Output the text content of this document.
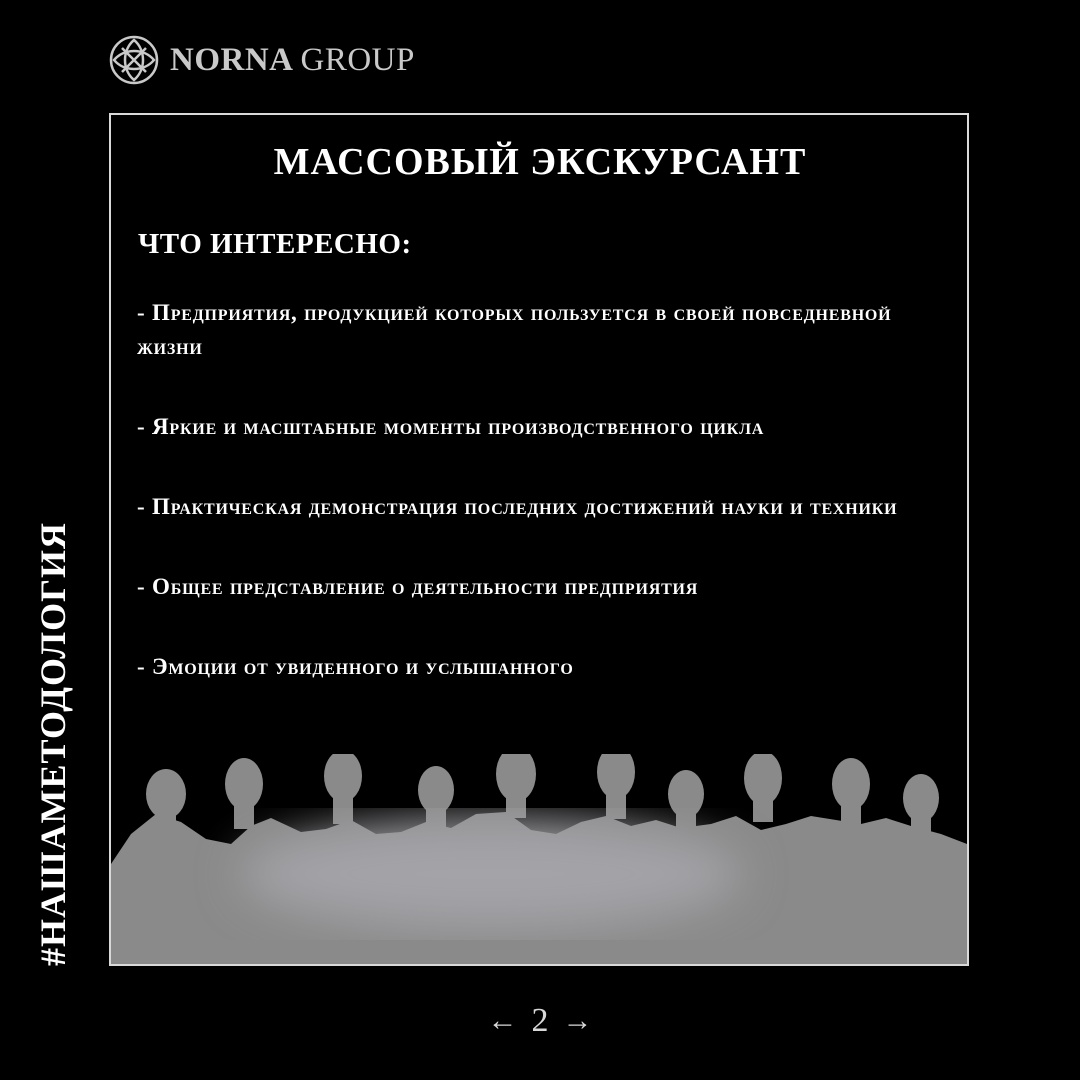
NORNA GROUP
МАССОВЫЙ ЭКСКУРСАНТ
ЧТО ИНТЕРЕСНО:
- Предприятия, продукцией которых пользуется в своей повседневной жизни
- Яркие и масштабные моменты производственного цикла
- Практическая демонстрация последних достижений науки и техники
- Общее представление о деятельности предприятия
- Эмоции от увиденного и услышанного
#НАШАМЕТОДОЛОГИЯ
← 2 →
